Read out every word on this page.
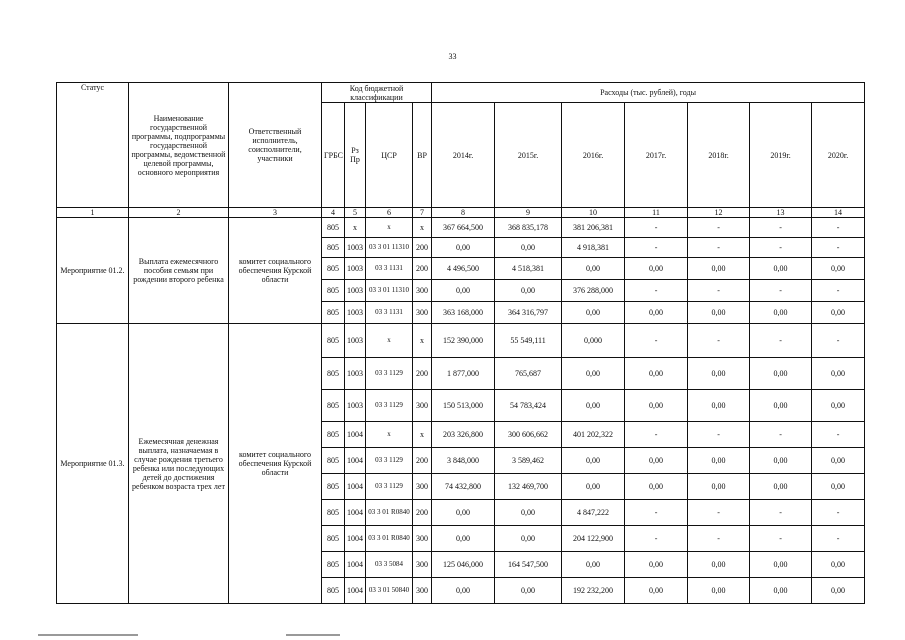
33
Статус	Наименование государственной программы, подпрограммы государственной программы, ведомственной целевой программы, основного мероприятия	Ответственный исполнитель, соисполнители, участники	Код бюджетной классификации				Расходы (тыс. рублей), годы						
			ГРБС	Рз Пр	ЦСР	ВР	2014г.	2015г.	2016г.	2017г.	2018г.	2019г.	2020г.
1	2	3	4	5	6	7	8	9	10	11	12	13	14
Мероприятие 01.2.	Выплата ежемесячного пособия семьям при рождении второго ребенка	комитет социального обеспечения Курской области	805	х	х	х	367 664,500	368 835,178	381 206,381	-	-	-	-
			805	1003	03 3 01 11310	200	0,00	0,00	4 918,381	-	-	-	-
			805	1003	03 3 1131	200	4 496,500	4 518,381	0,00	0,00	0,00	0,00	0,00
			805	1003	03 3 01 11310	300	0,00	0,00	376 288,000	-	-	-	-
			805	1003	03 3 1131	300	363 168,000	364 316,797	0,00	0,00	0,00	0,00	0,00
Мероприятие 01.3.	Ежемесячная денежная выплата, назначаемая в случае рождения третьего ребенка или последующих детей до достижения ребенком возраста трех лет	комитет социального обеспечения Курской области	805	1003	х	х	152 390,000	55 549,111	0,000	-	-	-	-
			805	1003	03 3 1129	200	1 877,000	765,687	0,00	0,00	0,00	0,00	0,00
			805	1003	03 3 1129	300	150 513,000	54 783,424	0,00	0,00	0,00	0,00	0,00
			805	1004	х	х	203 326,800	300 606,662	401 202,322	-	-	-	-
			805	1004	03 3 1129	200	3 848,000	3 589,462	0,00	0,00	0,00	0,00	0,00
			805	1004	03 3 1129	300	74 432,800	132 469,700	0,00	0,00	0,00	0,00	0,00
			805	1004	03 3 01 R0840	200	0,00	0,00	4 847,222	-	-	-	-
			805	1004	03 3 01 R0840	300	0,00	0,00	204 122,900	-	-	-	-
			805	1004	03 3 5084	300	125 046,000	164 547,500	0,00	0,00	0,00	0,00	0,00
			805	1004	03 3 01 50840	300	0,00	0,00	192 232,200	0,00	0,00	0,00	0,00
